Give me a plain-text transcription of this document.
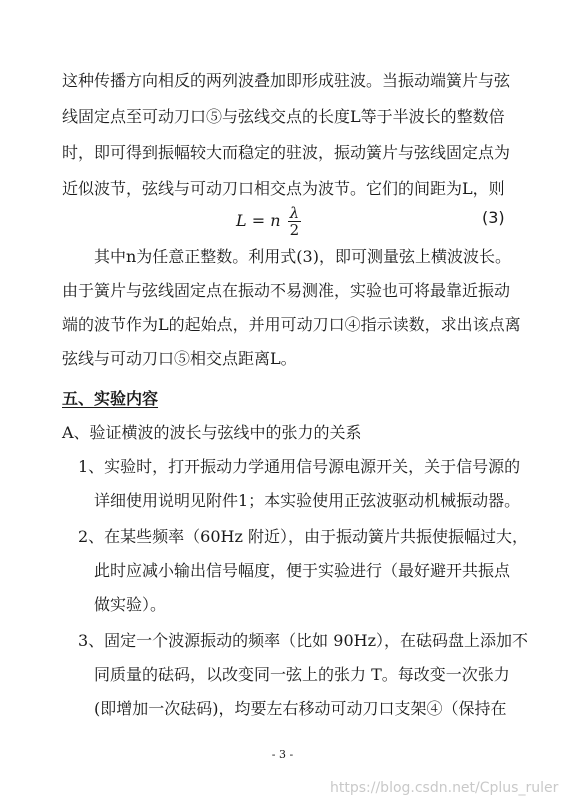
这种传播方向相反的两列波叠加即形成驻波。当振动端簧片与弦
线固定点至可动刀口⑤与弦线交点的长度L等于半波长的整数倍
时，即可得到振幅较大而稳定的驻波，振动簧片与弦线固定点为
近似波节，弦线与可动刀口相交点为波节。它们的间距为L，则
L = n $\frac{\lambda}{2}$	(3)
其中n为任意正整数。利用式(3)，即可测量弦上横波波长。
由于簧片与弦线固定点在振动不易测准，实验也可将最靠近振动
端的波节作为L的起始点，并用可动刀口④指示读数，求出该点离
弦线与可动刀口⑤相交点距离L。
五、实验内容
A、验证横波的波长与弦线中的张力的关系
1、实验时，打开振动力学通用信号源电源开关，关于信号源的
详细使用说明见附件1；本实验使用正弦波驱动机械振动器。
2、在某些频率（60Hz 附近），由于振动簧片共振使振幅过大，
此时应减小输出信号幅度，便于实验进行（最好避开共振点
做实验）。
3、固定一个波源振动的频率（比如 90Hz），在砝码盘上添加不
同质量的砝码，以改变同一弦上的张力 T。每改变一次张力
(即增加一次砝码)，均要左右移动可动刀口支架④（保持在
- 3 -
https://blog.csdn.net/Cplus_ruler
